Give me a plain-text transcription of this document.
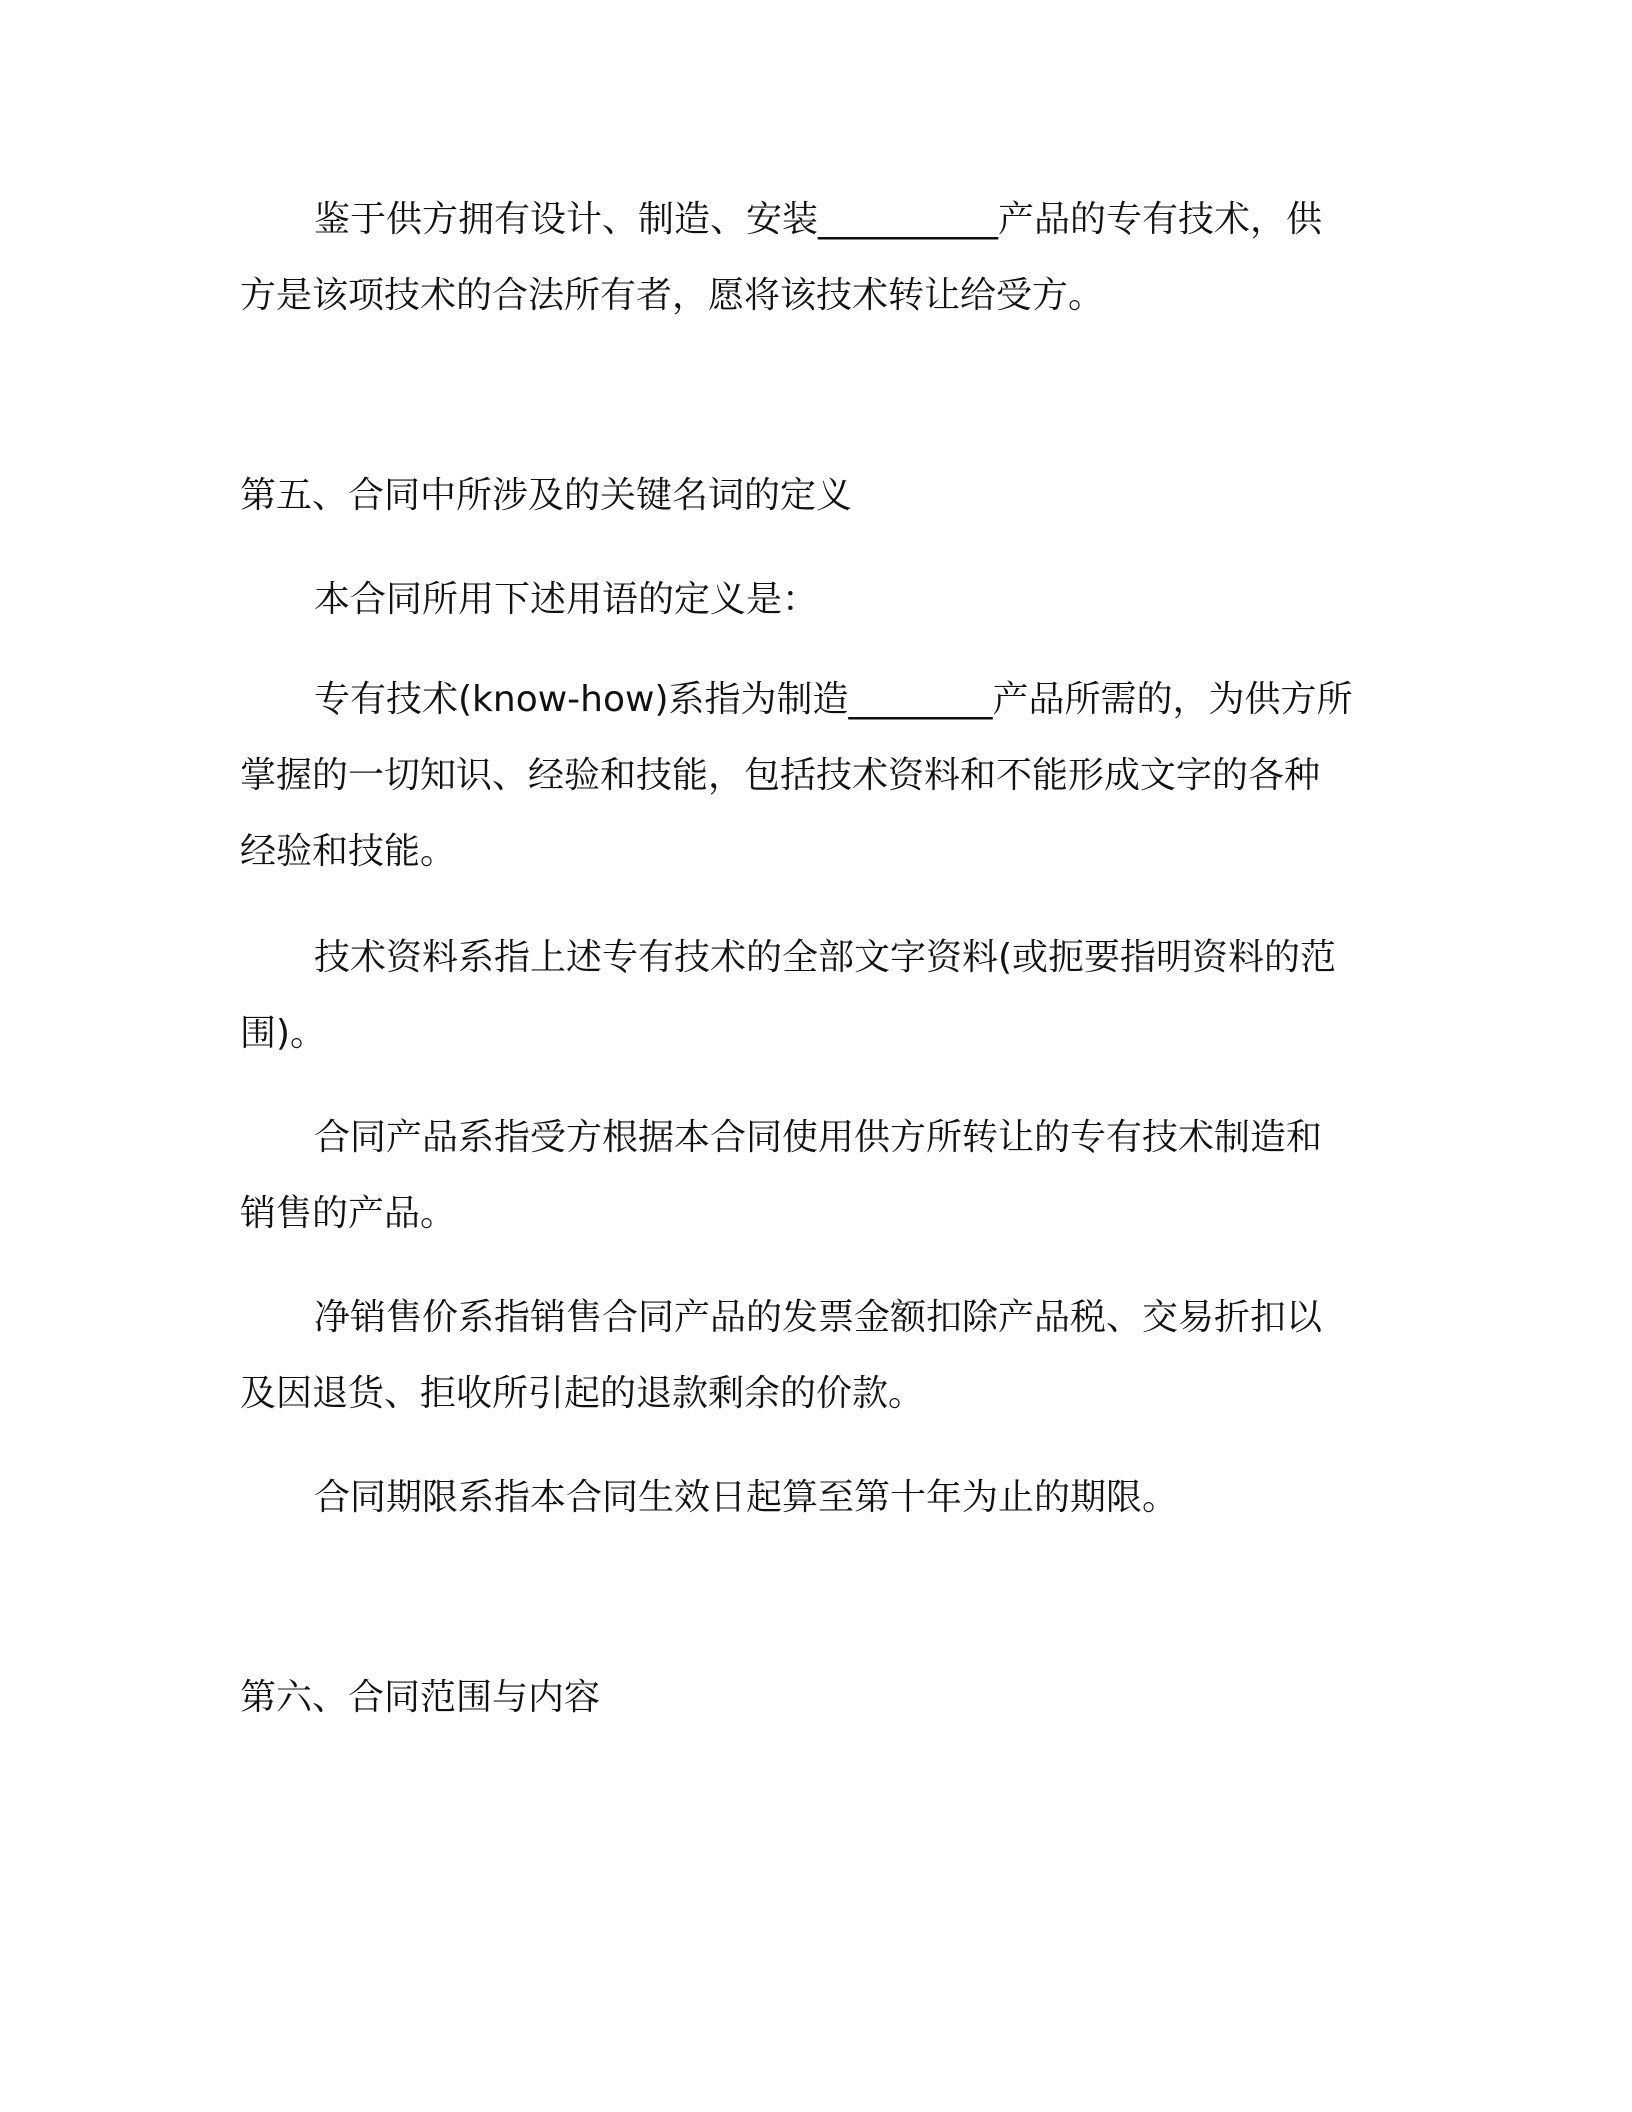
鉴于供方拥有设计、制造、安装__________产品的专有技术，供

方是该项技术的合法所有者，愿将该技术转让给受方。

第五、合同中所涉及的关键名词的定义

本合同所用下述用语的定义是：

专有技术(know-how)系指为制造________产品所需的，为供方所

掌握的一切知识、经验和技能，包括技术资料和不能形成文字的各种

经验和技能。

技术资料系指上述专有技术的全部文字资料(或扼要指明资料的范

围)。

合同产品系指受方根据本合同使用供方所转让的专有技术制造和

销售的产品。

净销售价系指销售合同产品的发票金额扣除产品税、交易折扣以

及因退货、拒收所引起的退款剩余的价款。

合同期限系指本合同生效日起算至第十年为止的期限。

第六、合同范围与内容
